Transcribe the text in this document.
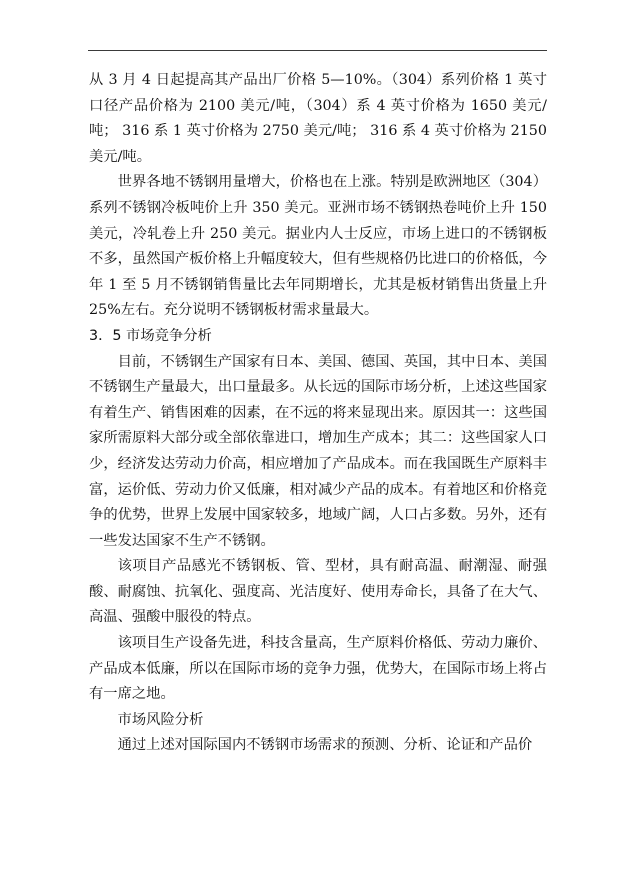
从 3 月 4 日起提高其产品出厂价格 5—10%。（304）系列价格 1 英寸口径产品价格为 2100 美元/吨，（304）系 4 英寸价格为 1650 美元/吨； 316 系 1 英寸价格为 2750 美元/吨； 316 系 4 英寸价格为 2150 美元/吨。

世界各地不锈钢用量增大，价格也在上涨。特别是欧洲地区（304）系列不锈钢冷板吨价上升 350 美元。亚洲市场不锈钢热卷吨价上升 150 美元，冷轧卷上升 250 美元。据业内人士反应，市场上进口的不锈钢板不多，虽然国产板价格上升幅度较大，但有些规格仍比进口的价格低，今年 1 至 5 月不锈钢销售量比去年同期增长，尤其是板材销售出货量上升 25%左右。充分说明不锈钢板材需求量最大。

3．5 市场竞争分析

目前，不锈钢生产国家有日本、美国、德国、英国，其中日本、美国不锈钢生产量最大，出口量最多。从长远的国际市场分析，上述这些国家有着生产、销售困难的因素，在不远的将来显现出来。原因其一：这些国家所需原料大部分或全部依靠进口，增加生产成本；其二：这些国家人口少，经济发达劳动力价高，相应增加了产品成本。而在我国既生产原料丰富，运价低、劳动力价又低廉，相对减少产品的成本。有着地区和价格竞争的优势，世界上发展中国家较多，地域广阔，人口占多数。另外，还有一些发达国家不生产不锈钢。

该项目产品感光不锈钢板、管、型材，具有耐高温、耐潮湿、耐强酸、耐腐蚀、抗氧化、强度高、光洁度好、使用寿命长，具备了在大气、高温、强酸中服役的特点。

该项目生产设备先进，科技含量高，生产原料价格低、劳动力廉价、产品成本低廉，所以在国际市场的竞争力强，优势大，在国际市场上将占有一席之地。

市场风险分析

通过上述对国际国内不锈钢市场需求的预测、分析、论证和产品价
